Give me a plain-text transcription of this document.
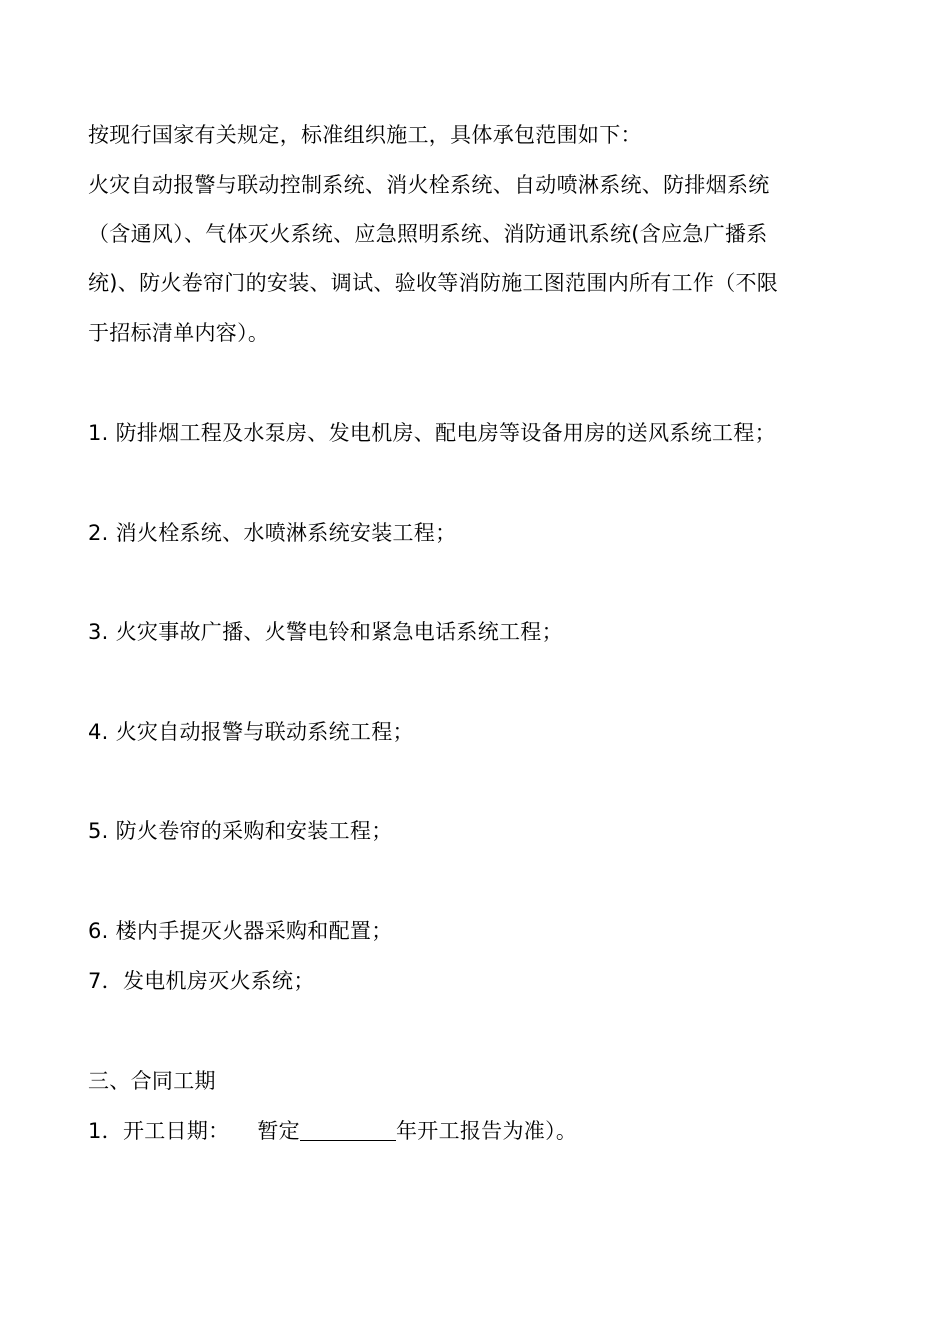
按现行国家有关规定，标准组织施工，具体承包范围如下：
火灾自动报警与联动控制系统、消火栓系统、自动喷淋系统、防排烟系统
（含通风）、气体灭火系统、应急照明系统、消防通讯系统(含应急广播系
统)、防火卷帘门的安装、调试、验收等消防施工图范围内所有工作（不限
于招标清单内容）。
1. 防排烟工程及水泵房、发电机房、配电房等设备用房的送风系统工程；
2. 消火栓系统、水喷淋系统安装工程；
3. 火灾事故广播、火警电铃和紧急电话系统工程；
4. 火灾自动报警与联动系统工程；
5. 防火卷帘的采购和安装工程；
6. 楼内手提灭火器采购和配置；
7．发电机房灭火系统；
三、合同工期
1．开工日期：    暂定	年开工报告为准）。
